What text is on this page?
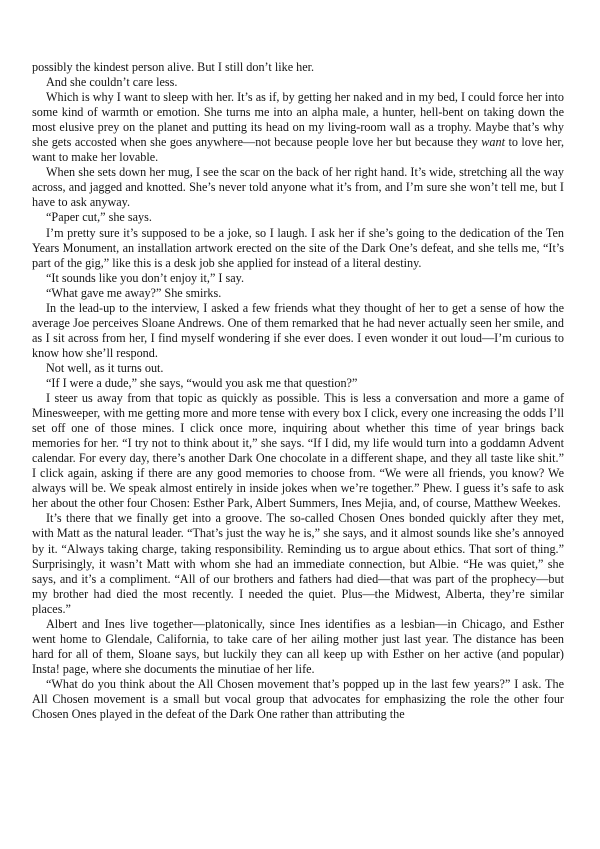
possibly the kindest person alive. But I still don’t like her.

And she couldn’t care less.

Which is why I want to sleep with her. It’s as if, by getting her naked and in my bed, I could force her into some kind of warmth or emotion. She turns me into an alpha male, a hunter, hell-bent on taking down the most elusive prey on the planet and putting its head on my living-room wall as a trophy. Maybe that’s why she gets accosted when she goes anywhere—not because people love her but because they want to love her, want to make her lovable.

When she sets down her mug, I see the scar on the back of her right hand. It’s wide, stretching all the way across, and jagged and knotted. She’s never told anyone what it’s from, and I’m sure she won’t tell me, but I have to ask anyway.

“Paper cut,” she says.

I’m pretty sure it’s supposed to be a joke, so I laugh. I ask her if she’s going to the dedication of the Ten Years Monument, an installation artwork erected on the site of the Dark One’s defeat, and she tells me, “It’s part of the gig,” like this is a desk job she applied for instead of a literal destiny.

“It sounds like you don’t enjoy it,” I say.

“What gave me away?” She smirks.

In the lead-up to the interview, I asked a few friends what they thought of her to get a sense of how the average Joe perceives Sloane Andrews. One of them remarked that he had never actually seen her smile, and as I sit across from her, I find myself wondering if she ever does. I even wonder it out loud—I’m curious to know how she’ll respond.

Not well, as it turns out.

“If I were a dude,” she says, “would you ask me that question?”

I steer us away from that topic as quickly as possible. This is less a conversation and more a game of Minesweeper, with me getting more and more tense with every box I click, every one increasing the odds I’ll set off one of those mines. I click once more, inquiring about whether this time of year brings back memories for her. “I try not to think about it,” she says. “If I did, my life would turn into a goddamn Advent calendar. For every day, there’s another Dark One chocolate in a different shape, and they all taste like shit.” I click again, asking if there are any good memories to choose from. “We were all friends, you know? We always will be. We speak almost entirely in inside jokes when we’re together.” Phew. I guess it’s safe to ask her about the other four Chosen: Esther Park, Albert Summers, Ines Mejia, and, of course, Matthew Weekes.

It’s there that we finally get into a groove. The so-called Chosen Ones bonded quickly after they met, with Matt as the natural leader. “That’s just the way he is,” she says, and it almost sounds like she’s annoyed by it. “Always taking charge, taking responsibility. Reminding us to argue about ethics. That sort of thing.” Surprisingly, it wasn’t Matt with whom she had an immediate connection, but Albie. “He was quiet,” she says, and it’s a compliment. “All of our brothers and fathers had died—that was part of the prophecy—but my brother had died the most recently. I needed the quiet. Plus—the Midwest, Alberta, they’re similar places.”

Albert and Ines live together—platonically, since Ines identifies as a lesbian—in Chicago, and Esther went home to Glendale, California, to take care of her ailing mother just last year. The distance has been hard for all of them, Sloane says, but luckily they can all keep up with Esther on her active (and popular) Insta! page, where she documents the minutiae of her life.

“What do you think about the All Chosen movement that’s popped up in the last few years?” I ask. The All Chosen movement is a small but vocal group that advocates for emphasizing the role the other four Chosen Ones played in the defeat of the Dark One rather than attributing the
